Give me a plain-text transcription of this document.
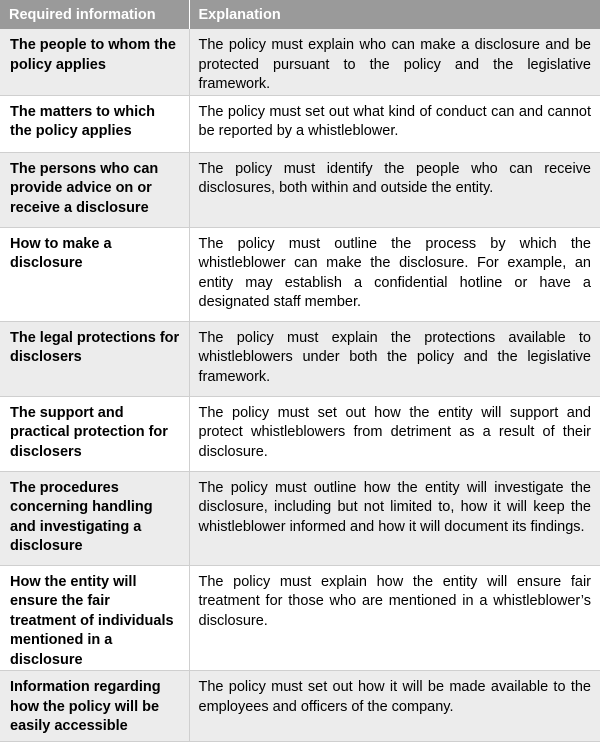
Required information	Explanation
The people to whom the policy applies	The policy must explain who can make a disclosure and be protected pursuant to the policy and the legislative framework.
The matters to which the policy applies	The policy must set out what kind of conduct can and cannot be reported by a whistleblower.
The persons who can provide advice on or receive a disclosure	The policy must identify the people who can receive disclosures, both within and outside the entity.
How to make a disclosure	The policy must outline the process by which the whistleblower can make the disclosure. For example, an entity may establish a confidential hotline or have a designated staff member.
The legal protections for disclosers	The policy must explain the protections available to whistleblowers under both the policy and the legislative framework.
The support and practical protection for disclosers	The policy must set out how the entity will support and protect whistleblowers from detriment as a result of their disclosure.
The procedures concerning handling and investigating a disclosure	The policy must outline how the entity will investigate the disclosure, including but not limited to, how it will keep the whistleblower informed and how it will document its findings.
How the entity will ensure the fair treatment of individuals mentioned in a disclosure	The policy must explain how the entity will ensure fair treatment for those who are mentioned in a whistleblower’s disclosure.
Information regarding how the policy will be easily accessible	The policy must set out how it will be made available to the employees and officers of the company.
